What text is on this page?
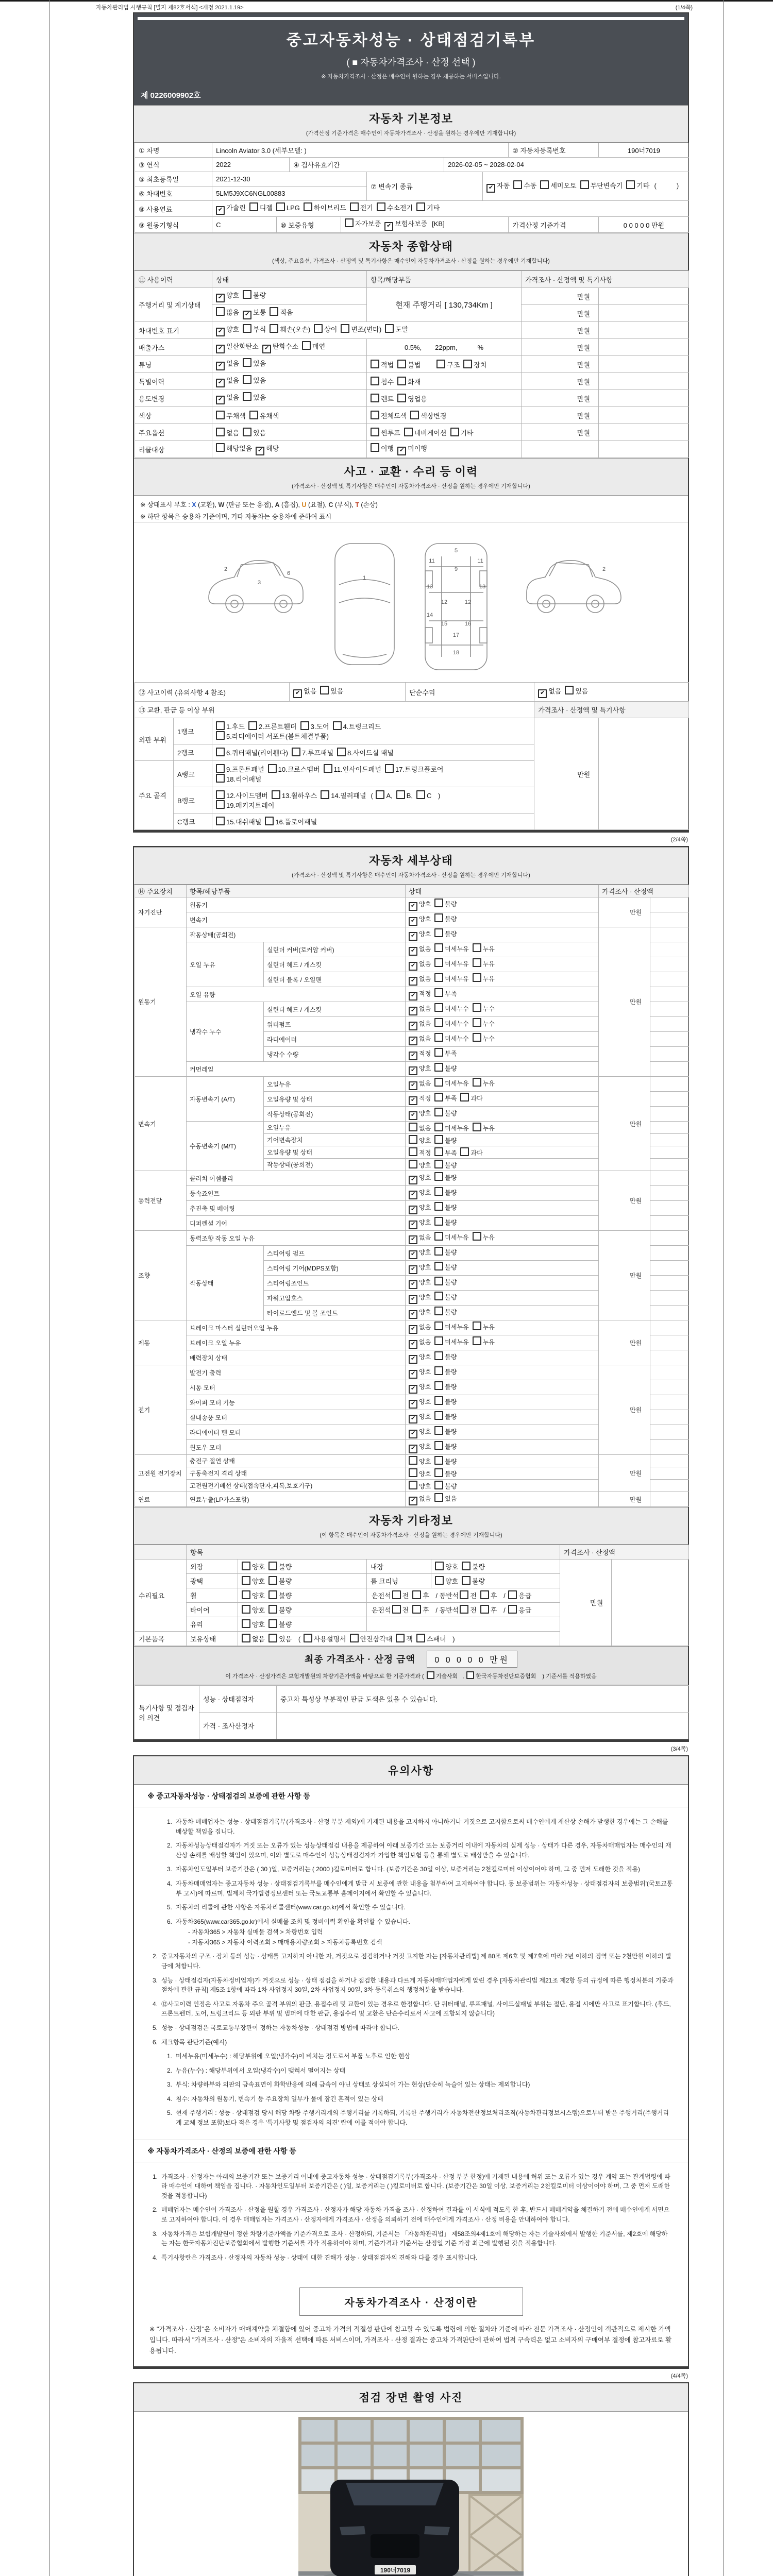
자동차관리법 시행규칙 [별지 제82호서식] <개정 2021.1.19>	(1/4쪽)
중고자동차성능 · 상태점검기록부
( ■ 자동차가격조사 · 산정 선택 )
※ 자동차가격조사 · 산정은 매수인이 원하는 경우 제공하는 서비스입니다.
제 0226009902호
자동차 기본정보
(가격산정 기준가격은 매수인이 자동차가격조사 · 산정을 원하는 경우에만 기재합니다)
① 차명	Lincoln Aviator 3.0 (세부모델: )							② 자동차등록번호	190너7019
③ 연식	2022		④ 검사유효기간			2026-02-05 ~ 2028-02-04			
⑤ 최초등록일	2021-12-30				⑦ 변속기 종류		✔ 자동 수동 세미오토 무단변속기 기타 (   )		
⑥ 차대번호	5LM5J9XC6NGL00883								
⑧ 사용연료	✔ 가솔린 디젤 LPG 하이브리드 전기 수소전기 기타								
⑨ 원동기형식	C	⑩ 보증유형		자가보증 ✔ 보험사보증 [KB]				가격산정 기준가격	0 0 0 0 0 만원
자동차 종합상태
(색상, 주요옵션, 가격조사 · 산정액 및 특기사항은 매수인이 자동차가격조사 · 산정을 원하는 경우에만 기재합니다)
⑪ 사용이력	상태	항목/해당부품	가격조사 · 산정액 및 특기사항	
주행거리 및 계기상태	✔ 양호 불량	현재 주행거리 [ 130,734Km ]	만원	
	많음 ✔ 보통 적음		만원	
차대번호 표기	✔ 양호 부식 훼손(오손) 상이 변조(변타) 도말		만원	
배출가스	✔ 일산화탄소 ✔ 탄화수소 매연	0.5%,  22ppm,   %	만원	
튜닝	✔ 없음 있음	적법 불법 구조 장치	만원	
특별이력	✔ 없음 있음	침수 화재	만원	
용도변경	✔ 없음 있음	렌트 영업용	만원	
색상	무채색 유채색	전체도색 색상변경	만원	
주요옵션	없음 있음	썬루프 네비게이션 기타	만원	
리콜대상	해당없음 ✔ 해당	이행 ✔ 미이행		
사고 · 교환 · 수리 등 이력
(가격조사 · 산정액 및 특기사항은 매수인이 자동차가격조사 · 산정을 원하는 경우에만 기재합니다)
※ 상태표시 부호 : X (교환), W (판금 또는 용접), A (흠집), U (요철), C (부식), T (손상)
※ 하단 항목은 승용차 기준이며, 기타 자동차는 승용차에 준하여 표시
2
3
6
1
5
9
11	11
13	13
12	12
14
15	16
17
18
2
⑫ 사고이력 (유의사항 4 참조)			✔ 없음 있음	단순수리	✔ 없음 있음	
⑬ 교환, 판금 등 이상 부위					가격조사 · 산정액 및 특기사항	
외판 부위	1랭크	1.후드 2.프론트휀더 3.도어 4.트렁크리드
5.라디에이터 서포트(볼트체결부품)			만원	
	2랭크	6.쿼터패널(리어휀다) 7.루프패널 8.사이드실 패널				
주요 골격	A랭크	9.프론트패널 10.크로스멤버 11.인사이드패널 17.트렁크플로어
18.리어패널				
	B랭크	12.사이드멤버 13.휠하우스 14.필러패널 ( A, B, C )
19.패키지트레이				
	C랭크	15.대쉬패널 16.플로어패널				
(2/4쪽)
자동차 세부상태
(가격조사 · 산정액 및 특기사항은 매수인이 자동차가격조사 · 산정을 원하는 경우에만 기재합니다)
⑭ 주요장치	항목/해당부품		상태	가격조사 · 산정액	
자기진단	원동기		✔ 양호 불량	만원	
	변속기		✔ 양호 불량		
원동기	작동상태(공회전)		✔ 양호 불량	만원	
	오일 누유	실린더 커버(로커암 커버)	✔ 없음 미세누유 누유		
		실린더 헤드 / 개스킷	✔ 없음 미세누유 누유		
		실린더 블록 / 오일팬	✔ 없음 미세누유 누유		
	오일 유량		✔ 적정 부족		
	냉각수 누수	실린더 헤드 / 개스킷	✔ 없음 미세누수 누수		
		워터펌프	✔ 없음 미세누수 누수		
		라디에이터	✔ 없음 미세누수 누수		
		냉각수 수량	✔ 적정 부족		
	커먼레일		✔ 양호 불량		
변속기	자동변속기 (A/T)	오일누유	✔ 없음 미세누유 누유	만원	
		오일유량 및 상태	✔ 적정 부족 과다		
		작동상태(공회전)	✔ 양호 불량		
	수동변속기 (M/T)	오일누유	없음 미세누유 누유		
		기어변속장치	양호 불량		
		오일유량 및 상태	적정 부족 과다		
		작동상태(공회전)	양호 불량		
동력전달	클러치 어셈블리		✔ 양호 불량	만원	
	등속죠인트		✔ 양호 불량		
	추진축 및 베어링		✔ 양호 불량		
	디퍼렌셜 기어		✔ 양호 불량		
조향	동력조향 작동 오일 누유		✔ 없음 미세누유 누유	만원	
	작동상태	스티어링 펌프	✔ 양호 불량		
		스티어링 기어(MDPS포함)	✔ 양호 불량		
		스티어링조인트	✔ 양호 불량		
		파워고압호스	✔ 양호 불량		
		타이로드엔드 및 볼 조인트	✔ 양호 불량		
제동	브레이크 마스터 실린더오일 누유		✔ 없음 미세누유 누유	만원	
	브레이크 오일 누유		✔ 없음 미세누유 누유		
	배력장치 상태		✔ 양호 불량		
전기	발전기 출력		✔ 양호 불량	만원	
	시동 모터		✔ 양호 불량		
	와이퍼 모터 기능		✔ 양호 불량		
	실내송풍 모터		✔ 양호 불량		
	라디에이터 팬 모터		✔ 양호 불량		
	윈도우 모터		✔ 양호 불량		
고전원 전기장치	충전구 절연 상태		양호 불량	만원	
	구동축전지 격리 상태		양호 불량		
	고전원전기배선 상태(접속단자,피복,보호기구)		양호 불량		
연료	연료누출(LP가스포함)		✔ 없음 있음	만원	
자동차 기타정보
(이 항목은 매수인이 자동차가격조사 · 산정을 원하는 경우에만 기재합니다)
	항목				가격조사 · 산정액	
수리필요	외장	양호 불량	내장	양호 불량	만원	
	광택	양호 불량	룸 크리닝	양호 불량		
	휠	양호 불량	운전석 전 후 / 동반석 전 후 / 응급			
	타이어	양호 불량	운전석 전 후 / 동반석 전 후 / 응급			
	유리	양호 불량				
기본품목	보유상태	없음 있음 ( 사용설명서 안전삼각대 잭 스패너 )				
최종 가격조사 · 산정 금액 0 0 0 0 0 만원
이 가격조사 · 산정가격은 보험개발원의 차량기준가액을 바탕으로 한 기준가격과 ( 기술사회 , 한국자동차진단보증협회 ) 기준서를 적용하였음
특기사항 및 점검자의 의견	성능 · 상태점검자	중고차 특성상 부분적인 판금 도색은 있을 수 있습니다.
	가격 · 조사산정자	
(3/4쪽)
유의사항
※ 중고자동차성능 · 상태점검의 보증에 관한 사항 등
1. 자동차 매매업자는 성능 · 상태점검기록부(가격조사 · 산정 부분 제외)에 기재된 내용을 고지하지 아니하거나 거짓으로 고지함으로써 매수인에게 재산상 손해가 발생한 경우에는 그 손해를 배상할 책임을 집니다.
2. 자동차성능상태점검자가 거짓 또는 오류가 있는 성능상태점검 내용을 제공하여 아래 보증기간 또는 보증거리 이내에 자동차의 실제 성능 · 상태가 다른 경우, 자동차매매업자는 매수인의 재산상 손해를 배상할 책임이 있으며, 이와 별도로 매수인이 성능상태점검자가 가입한 책임보험 등을 통해 별도로 배상받을 수 있습니다.
3. 자동차인도일부터 보증기간은 ( 30 )일, 보증거리는 ( 2000 )킬로미터로 합니다. (보증기간은 30일 이상, 보증거리는 2천킬로미터 이상이어야 하며, 그 중 먼저 도래한 것을 적용)
4. 자동차매매업자는 중고자동차 성능 · 상태점검기록부를 매수인에게 발급 시 보증에 관한 내용을 첨부하여 고지하여야 합니다. 동 보증범위는 '자동차성능 · 상태점검자의 보증범위'(국토교통부 고시)에 따르며, 법제처 국가법령정보센터 또는 국토교통부 홈페이지에서 확인할 수 있습니다.
5. 자동차의 리콜에 관한 사항은 자동차리콜센터(www.car.go.kr)에서 확인할 수 있습니다.
6. 자동차365(www.car365.go.kr)에서 실매물 조회 및 정비이력 확인을 확인할 수 있습니다.
- 자동차365 > 자동차 실매물 검색 > 차량번호 입력
- 자동차365 > 자동차 이력조회 > 매매용차량조회 > 자동차등록번호 검색
2. 중고자동차의 구조 · 장치 등의 성능 · 상태를 고지하지 아니한 자, 거짓으로 점검하거나 거짓 고지한 자는 [자동차관리법] 제 80조 제6호 및 제7호에 따라 2년 이하의 징역 또는 2천만원 이하의 벌금에 처합니다.
3. 성능 · 상태점검자(자동차정비업자)가 거짓으로 성능 · 상태 점검을 하거나 점검한 내용과 다르게 자동차매매업자에게 알린 경우 [자동차관리법 제21조 제2항 등의 규정에 따른 행정처분의 기준과 절차에 관한 규칙] 제5조 1항에 따라 1차 사업정지 30일, 2차 사업정지 90일, 3차 등록취소의 행정처분을 받습니다.
4. ⑫사고이력 인정은 사고로 자동차 주요 골격 부위의 판금, 용접수리 및 교환이 있는 경우로 한정합니다. 단 쿼터패널, 루프패널, 사이드실패널 부위는 절단, 용접 시에만 사고로 표기합니다. (후드, 프론트펜더, 도어, 트렁크리드 등 외판 부위 및 범퍼에 대한 판금, 용접수리 및 교환은 단순수리로서 사고에 포함되지 않습니다)
5. 성능 · 상태점검은 국토교통부장관이 정하는 자동차성능 · 상태점검 방법에 따라야 합니다.
6. 체크항목 판단기준(예시)
1. 미세누유(미세누수) : 해당부위에 오일(냉각수)이 비치는 정도로서 부품 노후로 인한 현상
2. 누유(누수) : 해당부위에서 오일(냉각수)이 맺혀서 떨어지는 상태
3. 부식: 차량하부와 외판의 금속표면이 화학반응에 의해 금속이 아닌 상태로 상실되어 가는 현상(단순히 녹슬어 있는 상태는 제외합니다)
4. 침수: 자동차의 원동기, 변속기 등 주요장치 일부가 물에 잠긴 흔적이 있는 상태
5. 현재 주행거리 : 성능 · 상태점검 당시 해당 차량 주행거리계의 주행거리를 기록하되, 기록한 주행거리가 자동차전산정보처리조직(자동차관리정보시스템)으로부터 받은 주행거리(주행거리계 교체 정보 포함)보다 적은 경우 '특기사항 및 점검자의 의견' 란에 이를 적어야 합니다.
※ 자동차가격조사 · 산정의 보증에 관한 사항 등
1. 가격조사 · 산정자는 아래의 보증기간 또는 보증거리 이내에 중고자동차 성능 · 상태점검기록부(가격조사 · 산정 부분 한정)에 기재된 내용에 허위 또는 오류가 있는 경우 계약 또는 관계법령에 따라 매수인에 대하여 책임을 집니다. · 자동차인도일부터 보증기간은 ( )일, 보증거리는 ( )킬로미터로 합니다. (보증기간은 30일 이상, 보증거리는 2천킬로미터 이상이어야 하며, 그 중 먼저 도래한 것을 적용합니다)
2. 매매업자는 매수인이 가격조사 · 산정을 원할 경우 가격조사 · 산정자가 해당 자동차 가격을 조사 · 산정하여 결과를 이 서식에 적도록 한 후, 반드시 매매계약을 체결하기 전에 매수인에게 서면으로 고지하여야 합니다. 이 경우 매매업자는 가격조사 · 산정자에게 가격조사 · 산정을 의뢰하기 전에 매수인에게 가격조사 · 산정 비용을 안내하여야 합니다.
3. 자동차가격은 보험개발원이 정한 차량기준가액을 기준가격으로 조사 · 산정하되, 기준서는 「자동차관리법」 제58조의4제1호에 해당하는 자는 기술사회에서 발행한 기준서를, 제2호에 해당하는 자는 한국자동차진단보증협회에서 발행한 기준서를 각각 적용하여야 하며, 기준가격과 기준서는 산정일 기준 가장 최근에 발행된 것을 적용합니다.
4. 특기사항란은 가격조사 · 산정자의 자동차 성능 · 상태에 대한 견해가 성능 · 상태점검자의 견해와 다를 경우 표시합니다.
자동차가격조사 · 산정이란
※ "가격조사 · 산정"은 소비자가 매매계약을 체결함에 있어 중고차 가격의 적절성 판단에 참고할 수 있도록 법령에 의한 절차와 기준에 따라 전문 가격조사 · 산정인이 객관적으로 제시한 가액입니다. 따라서 "가격조사 · 산정"은 소비자의 자율적 선택에 따른 서비스이며, 가격조사 · 산정 결과는 중고차 가격판단에 관하여 법적 구속력은 없고 소비자의 구매여부 결정에 참고자료로 활용됩니다.
(4/4쪽)
점검 장면 촬영 사진
190너7019
